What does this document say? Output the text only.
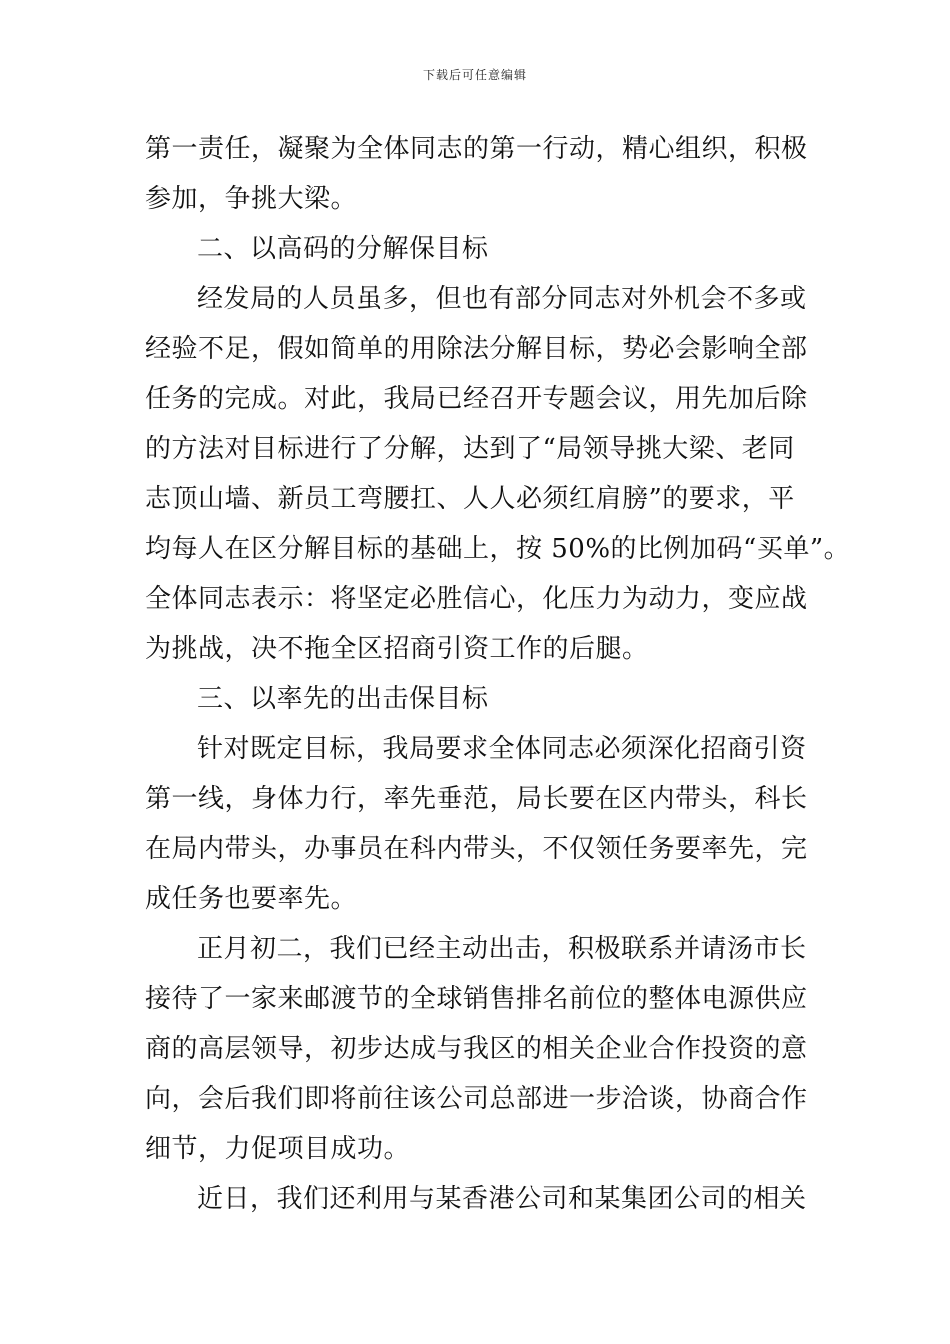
下载后可任意编辑
第一责任，凝聚为全体同志的第一行动，精心组织，积极
参加，争挑大梁。
二、以高码的分解保目标
经发局的人员虽多，但也有部分同志对外机会不多或
经验不足，假如简单的用除法分解目标，势必会影响全部
任务的完成。对此，我局已经召开专题会议，用先加后除
的方法对目标进行了分解，达到了“局领导挑大梁、老同
志顶山墙、新员工弯腰扛、人人必须红肩膀”的要求，平
均每人在区分解目标的基础上，按 50%的比例加码“买单”。
全体同志表示：将坚定必胜信心，化压力为动力，变应战
为挑战，决不拖全区招商引资工作的后腿。
三、以率先的出击保目标
针对既定目标，我局要求全体同志必须深化招商引资
第一线，身体力行，率先垂范，局长要在区内带头，科长
在局内带头，办事员在科内带头，不仅领任务要率先，完
成任务也要率先。
正月初二，我们已经主动出击，积极联系并请汤市长
接待了一家来邮渡节的全球销售排名前位的整体电源供应
商的高层领导，初步达成与我区的相关企业合作投资的意
向，会后我们即将前往该公司总部进一步洽谈，协商合作
细节，力促项目成功。
近日，我们还利用与某香港公司和某集团公司的相关
